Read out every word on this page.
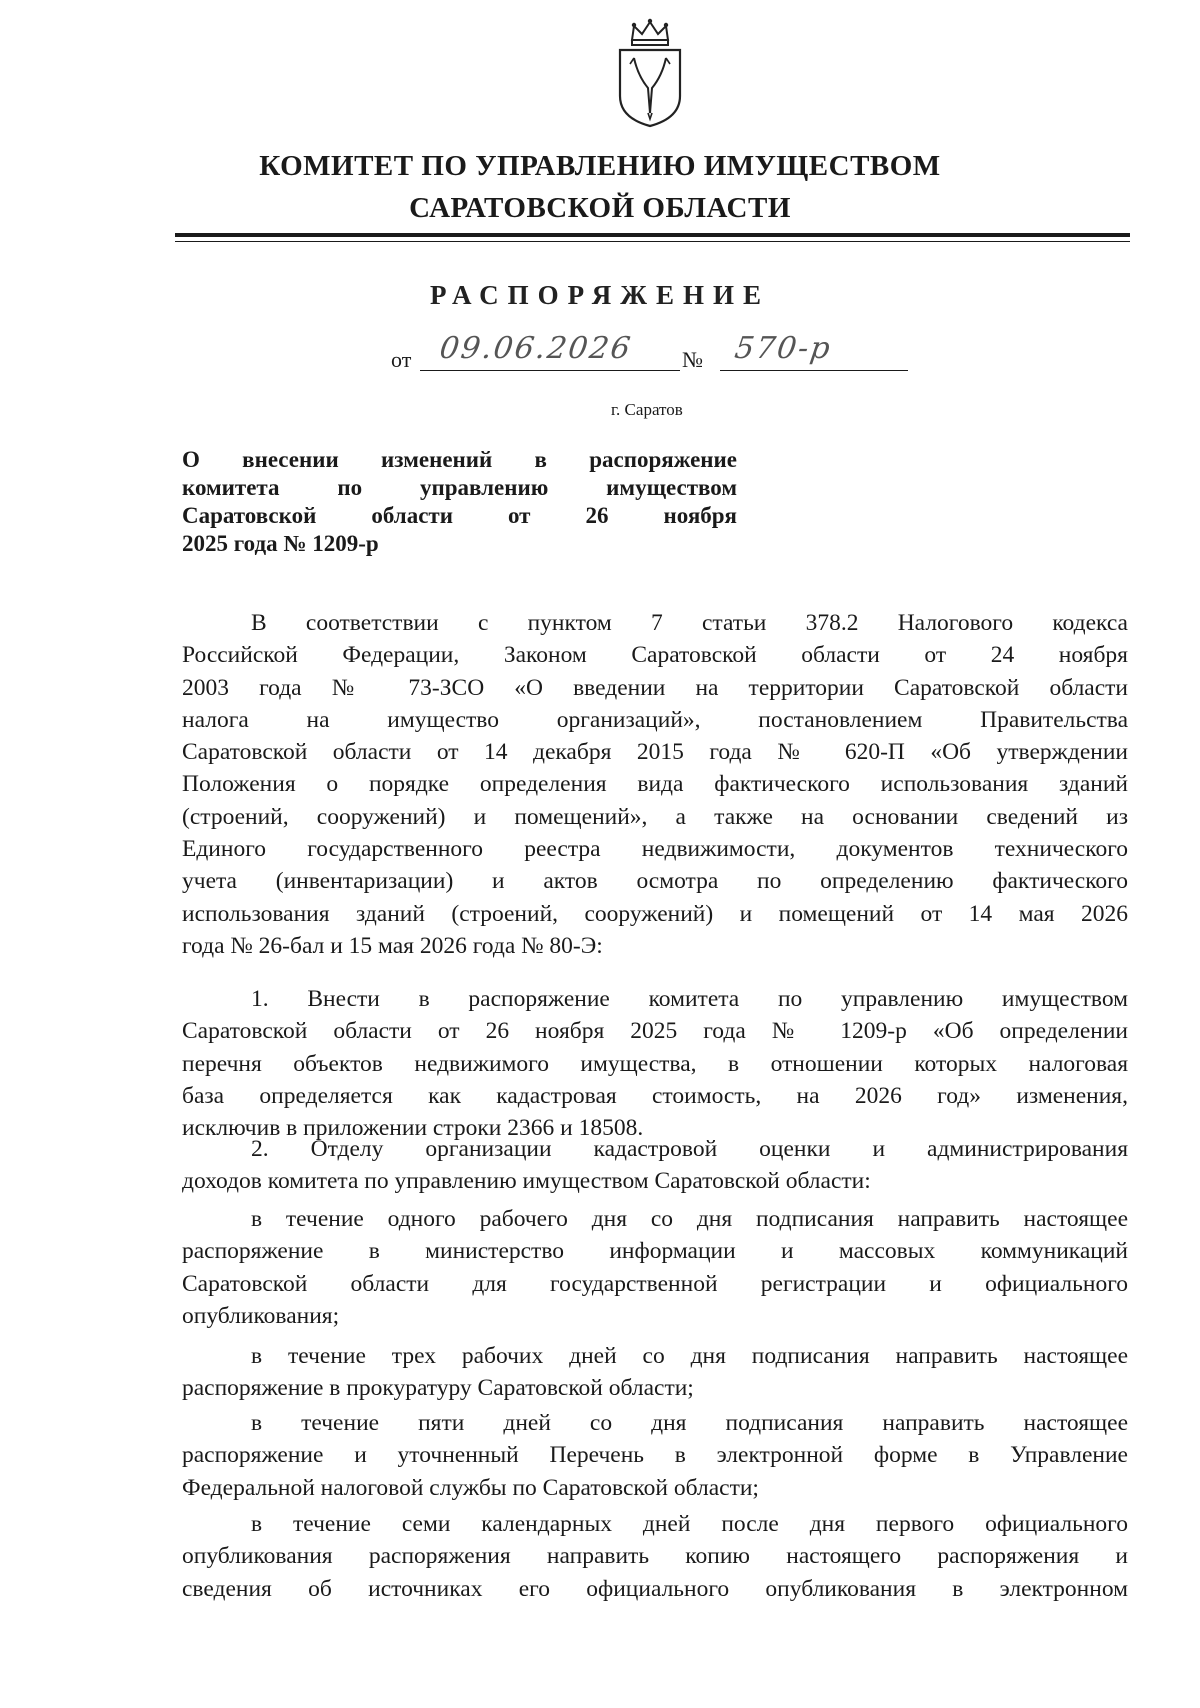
КОМИТЕТ ПО УПРАВЛЕНИЮ ИМУЩЕСТВОМ
САРАТОВСКОЙ ОБЛАСТИ
РАСПОРЯЖЕНИЕ
от 09.06.2026 № 570-р
г. Саратов
О внесении изменений в распоряжение
комитета по управлению имуществом
Саратовской области от 26 ноября
2025 года № 1209-р
В соответствии с пунктом 7 статьи 378.2 Налогового кодекса
Российской Федерации, Законом Саратовской области от 24 ноября
2003 года № 73-ЗСО «О введении на территории Саратовской области
налога на имущество организаций», постановлением Правительства
Саратовской области от 14 декабря 2015 года № 620-П «Об утверждении
Положения о порядке определения вида фактического использования зданий
(строений, сооружений) и помещений», а также на основании сведений из
Единого государственного реестра недвижимости, документов технического
учета (инвентаризации) и актов осмотра по определению фактического
использования зданий (строений, сооружений) и помещений от 14 мая 2026
года № 26-бал и 15 мая 2026 года № 80-Э:
1. Внести в распоряжение комитета по управлению имуществом
Саратовской области от 26 ноября 2025 года № 1209-р «Об определении
перечня объектов недвижимого имущества, в отношении которых налоговая
база определяется как кадастровая стоимость, на 2026 год» изменения,
исключив в приложении строки 2366 и 18508.
2. Отделу организации кадастровой оценки и администрирования
доходов комитета по управлению имуществом Саратовской области:
в течение одного рабочего дня со дня подписания направить настоящее
распоряжение в министерство информации и массовых коммуникаций
Саратовской области для государственной регистрации и официального
опубликования;
в течение трех рабочих дней со дня подписания направить настоящее
распоряжение в прокуратуру Саратовской области;
в течение пяти дней со дня подписания направить настоящее
распоряжение и уточненный Перечень в электронной форме в Управление
Федеральной налоговой службы по Саратовской области;
в течение семи календарных дней после дня первого официального
опубликования распоряжения направить копию настоящего распоряжения и
сведения об источниках его официального опубликования в электронном
